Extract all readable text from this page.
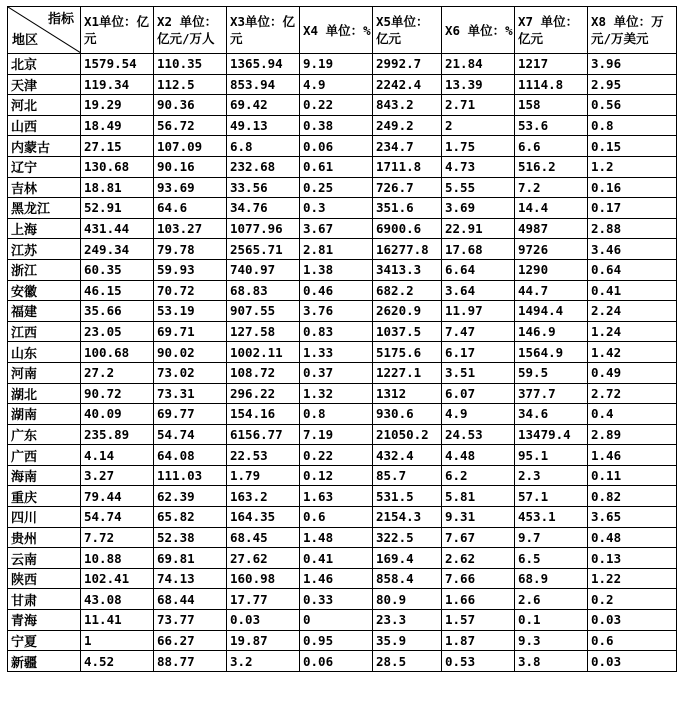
指标
地区	X1单位：亿元	X2 单位：亿元/万人	X3单位：亿元	X4 单位：%	X5单位：亿元	X6 单位：%	X7 单位：亿元	X8 单位：万元/万美元
北京	1579.54	110.35	1365.94	9.19	2992.7	21.84	1217	3.96
天津	119.34	112.5	853.94	4.9	2242.4	13.39	1114.8	2.95
河北	19.29	90.36	69.42	0.22	843.2	2.71	158	0.56
山西	18.49	56.72	49.13	0.38	249.2	2	53.6	0.8
内蒙古	27.15	107.09	6.8	0.06	234.7	1.75	6.6	0.15
辽宁	130.68	90.16	232.68	0.61	1711.8	4.73	516.2	1.2
吉林	18.81	93.69	33.56	0.25	726.7	5.55	7.2	0.16
黑龙江	52.91	64.6	34.76	0.3	351.6	3.69	14.4	0.17
上海	431.44	103.27	1077.96	3.67	6900.6	22.91	4987	2.88
江苏	249.34	79.78	2565.71	2.81	16277.8	17.68	9726	3.46
浙江	60.35	59.93	740.97	1.38	3413.3	6.64	1290	0.64
安徽	46.15	70.72	68.83	0.46	682.2	3.64	44.7	0.41
福建	35.66	53.19	907.55	3.76	2620.9	11.97	1494.4	2.24
江西	23.05	69.71	127.58	0.83	1037.5	7.47	146.9	1.24
山东	100.68	90.02	1002.11	1.33	5175.6	6.17	1564.9	1.42
河南	27.2	73.02	108.72	0.37	1227.1	3.51	59.5	0.49
湖北	90.72	73.31	296.22	1.32	1312	6.07	377.7	2.72
湖南	40.09	69.77	154.16	0.8	930.6	4.9	34.6	0.4
广东	235.89	54.74	6156.77	7.19	21050.2	24.53	13479.4	2.89
广西	4.14	64.08	22.53	0.22	432.4	4.48	95.1	1.46
海南	3.27	111.03	1.79	0.12	85.7	6.2	2.3	0.11
重庆	79.44	62.39	163.2	1.63	531.5	5.81	57.1	0.82
四川	54.74	65.82	164.35	0.6	2154.3	9.31	453.1	3.65
贵州	7.72	52.38	68.45	1.48	322.5	7.67	9.7	0.48
云南	10.88	69.81	27.62	0.41	169.4	2.62	6.5	0.13
陕西	102.41	74.13	160.98	1.46	858.4	7.66	68.9	1.22
甘肃	43.08	68.44	17.77	0.33	80.9	1.66	2.6	0.2
青海	11.41	73.77	0.03	0	23.3	1.57	0.1	0.03
宁夏	1	66.27	19.87	0.95	35.9	1.87	9.3	0.6
新疆	4.52	88.77	3.2	0.06	28.5	0.53	3.8	0.03
